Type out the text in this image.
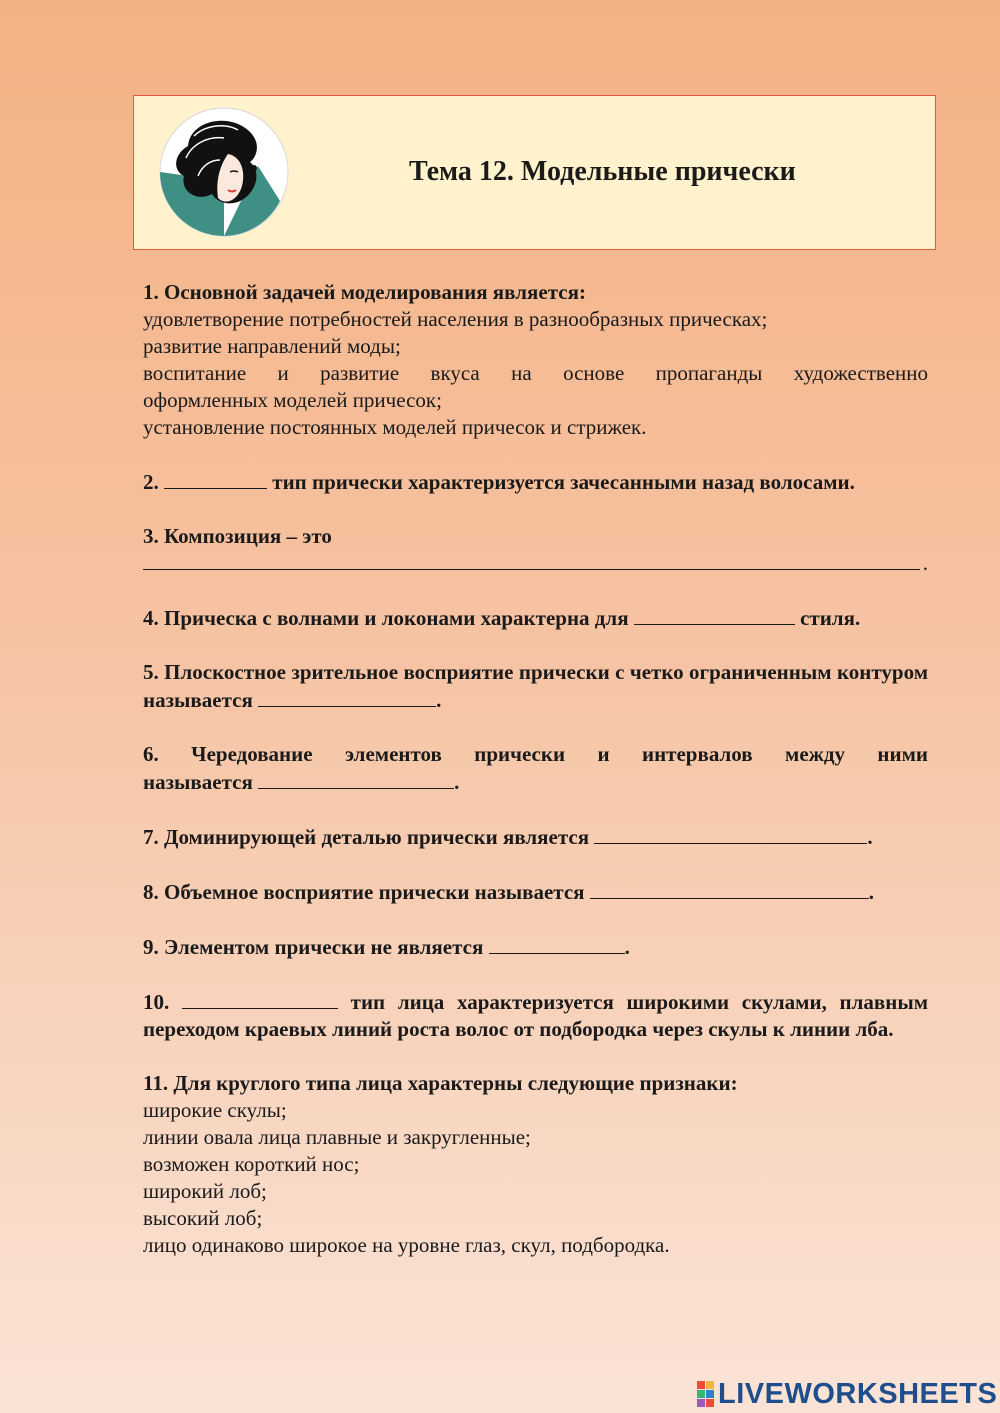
Тема 12. Модельные прически

1. Основной задачей моделирования является:

удовлетворение потребностей населения в разнообразных прическах;

развитие направлений моды;

воспитание и развитие вкуса на основе пропаганды художественно

оформленных моделей причесок;

установление постоянных моделей причесок и стрижек.

2.	тип прически характеризуется зачесанными назад волосами.

3. Композиция – это

.

4. Прическа с волнами и локонами характерна для	стиля.

5. Плоскостное зрительное восприятие прически с четко ограниченным контуром называется	.

6. Чередование элементов прически и интервалов между ними называется	.

7. Доминирующей деталью прически является	.

8. Объемное восприятие прически называется	.

9. Элементом прически не является	.

10.	тип лица характеризуется широкими скулами, плавным переходом краевых линий роста волос от подбородка через скулы к линии лба.

11. Для круглого типа лица характерны следующие признаки:

широкие скулы;

линии овала лица плавные и закругленные;

возможен короткий нос;

широкий лоб;

высокий лоб;

лицо одинаково широкое на уровне глаз, скул, подбородка.

LIVEWORKSHEETS
